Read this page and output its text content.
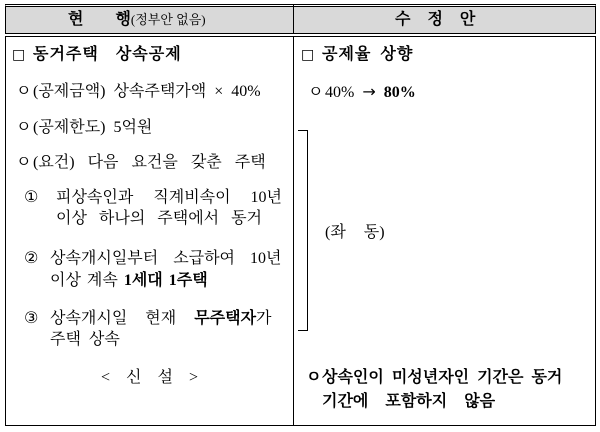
현 행(정부안 없음)	수 정 안
□ 동거주택 상속공제
ㅇ(공제금액) 상속주택가액 × 40%
ㅇ(공제한도) 5억원
ㅇ(요건) 다음 요건을 갖춘 주택
① 피상속인과 직계비속이 10년
이상 하나의 주택에서 동거
② 상속개시일부터 소급하여 10년
이상 계속 1세대 1주택
③ 상속개시일 현재 무주택자가
주택 상속
< 신 설 >
□ 공제율 상향
ㅇ40% → 80%
(좌 동)
ㅇ상속인이 미성년자인 기간은 동거
기간에 포함하지 않음
